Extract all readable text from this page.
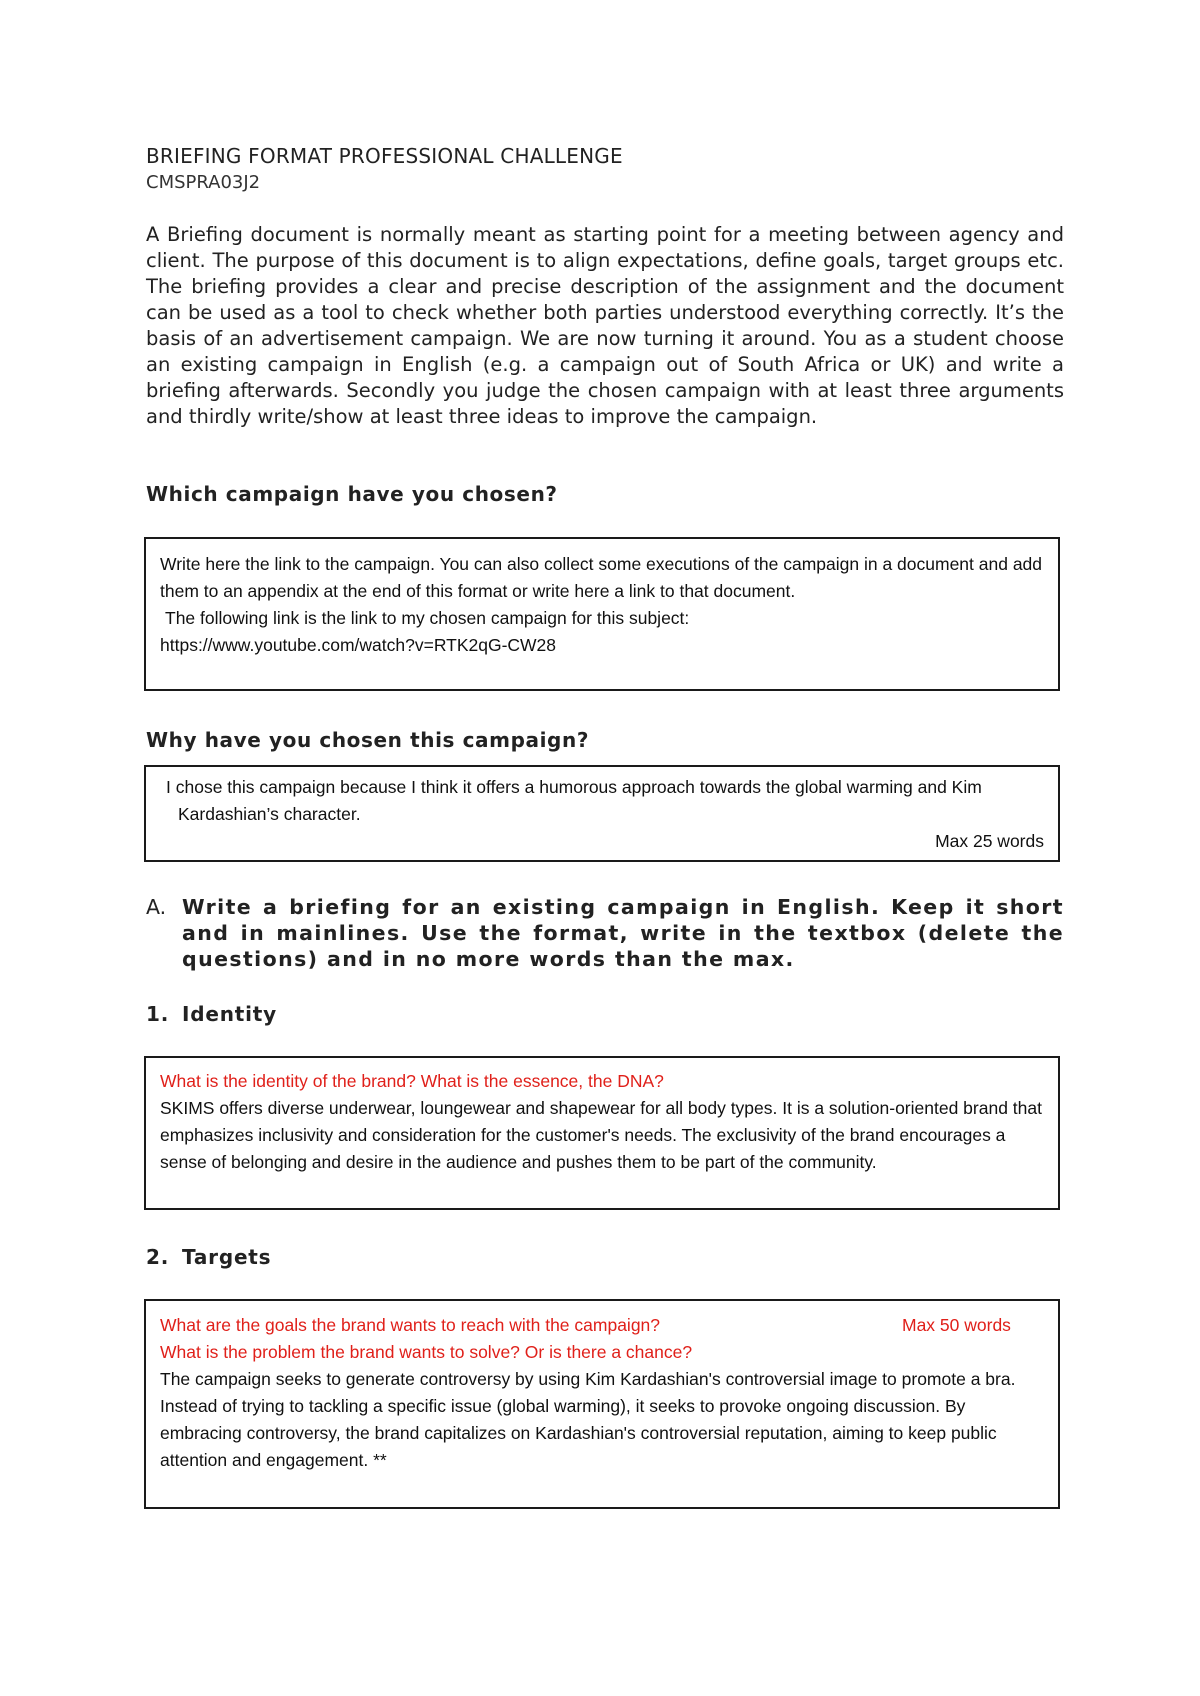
BRIEFING FORMAT PROFESSIONAL CHALLENGE
CMSPRA03J2
A Briefing document is normally meant as starting point for a meeting between agency and client. The purpose of this document is to align expectations, define goals, target groups etc. The briefing provides a clear and precise description of the assignment and the document can be used as a tool to check whether both parties understood everything correctly. It’s the basis of an advertisement campaign. We are now turning it around. You as a student choose an existing campaign in English (e.g. a campaign out of South Africa or UK) and write a briefing afterwards. Secondly you judge the chosen campaign with at least three arguments and thirdly write/show at least three ideas to improve the campaign.
Which campaign have you chosen?
Write here the link to the campaign. You can also collect some executions of the campaign in a document and add them to an appendix at the end of this format or write here a link to that document.
The following link is the link to my chosen campaign for this subject:
https://www.youtube.com/watch?v=RTK2qG-CW28
Why have you chosen this campaign?
I chose this campaign because I think it offers a humorous approach towards the global warming and Kim Kardashian’s character.
Max 25 words
A. Write a briefing for an existing campaign in English. Keep it short and in mainlines. Use the format, write in the textbox (delete the questions) and in no more words than the max.
1. Identity
What is the identity of the brand? What is the essence, the DNA?
SKIMS offers diverse underwear, loungewear and shapewear for all body types. It is a solution-oriented brand that emphasizes inclusivity and consideration for the customer's needs. The exclusivity of the brand encourages a sense of belonging and desire in the audience and pushes them to be part of the community.
2. Targets
What are the goals the brand wants to reach with the campaign?	Max 50 words
What is the problem the brand wants to solve? Or is there a chance?
The campaign seeks to generate controversy by using Kim Kardashian's controversial image to promote a bra. Instead of trying to tackling a specific issue (global warming), it seeks to provoke ongoing discussion. By embracing controversy, the brand capitalizes on Kardashian's controversial reputation, aiming to keep public attention and engagement. **
